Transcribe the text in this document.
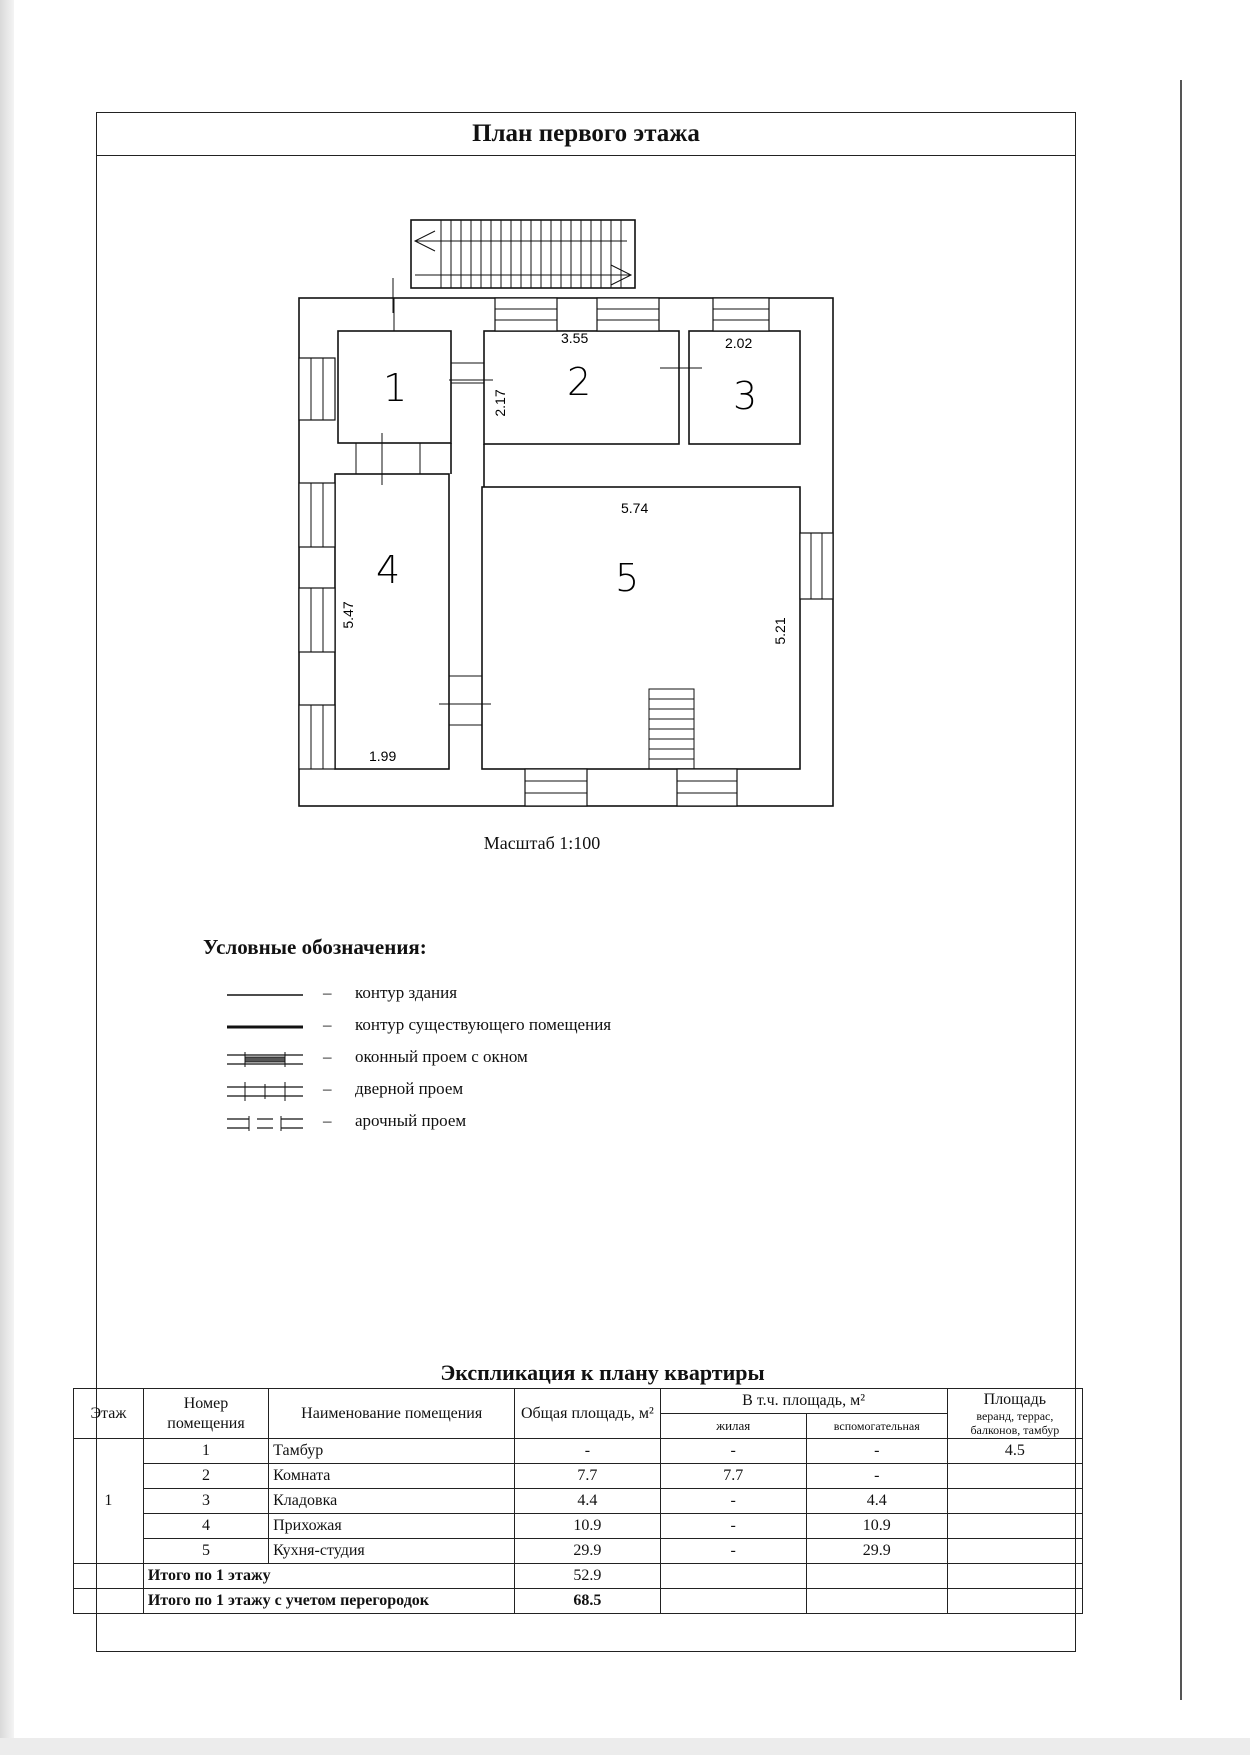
План первого этажа
1	2	3
4	5
3.55
2.17
2.02
5.74
5.47
5.21
1.99
Масштаб 1:100
Условные обозначения:
– контур здания
– контур существующего помещения
– оконный проем с окном
– дверной проем
– арочный проем
Экспликация к плану квартиры
Этаж	Номер помещения	Наименование помещения	Общая площадь, м²	В т.ч. площадь, м²		Площадь
веранд, террас, балконов, тамбур

				жилая	вспомогательная	
1	1	Тамбур	-	-	-	4.5
	2	Комната	7.7	7.7	-	
	3	Кладовка	4.4	-	4.4	
	4	Прихожая	10.9	-	10.9	
	5	Кухня-студия	29.9	-	29.9	
	Итого по 1 этажу		52.9			
	Итого по 1 этажу с учетом перегородок		68.5			
